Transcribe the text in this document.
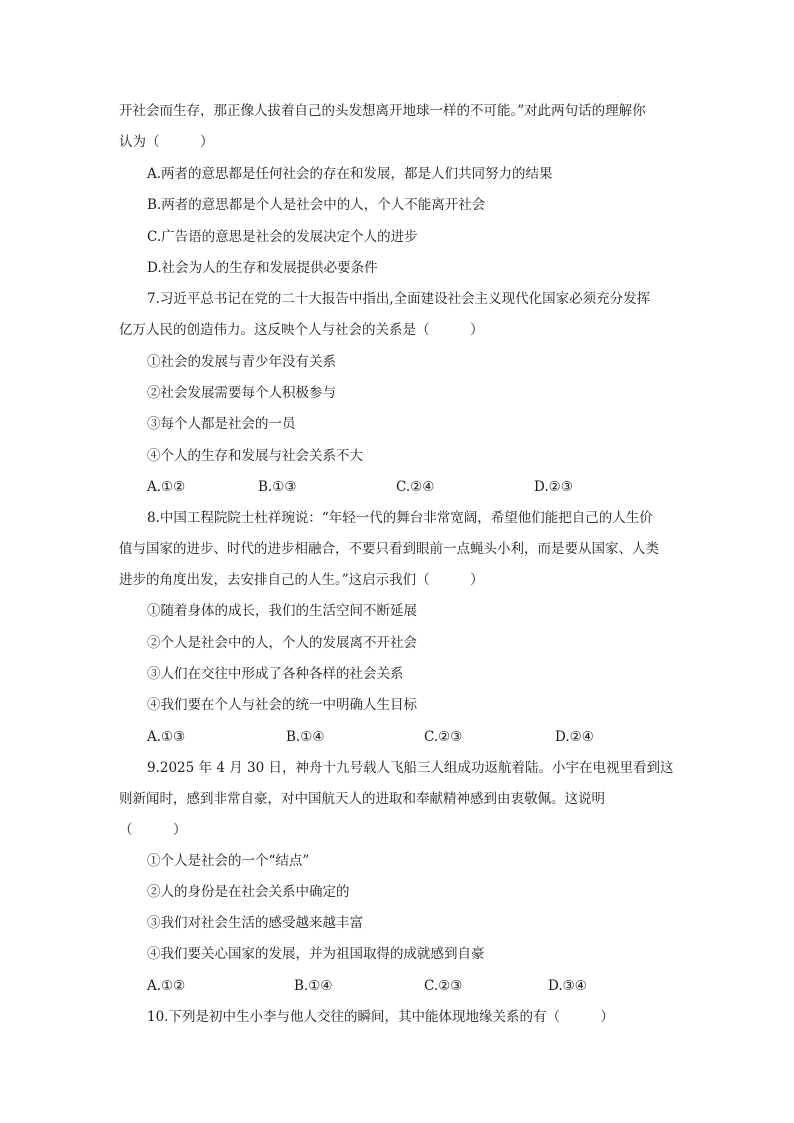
开社会而生存，那正像人拔着自己的头发想离开地球一样的不可能。”对此两句话的理解你
认为（　　　）
A.两者的意思都是任何社会的存在和发展，都是人们共同努力的结果
B.两者的意思都是个人是社会中的人，个人不能离开社会
C.广告语的意思是社会的发展决定个人的进步
D.社会为人的生存和发展提供必要条件
7.习近平总书记在党的二十大报告中指出,全面建设社会主义现代化国家必须充分发挥
亿万人民的创造伟力。这反映个人与社会的关系是（　　　）
①社会的发展与青少年没有关系
②社会发展需要每个人积极参与
③每个人都是社会的一员
④个人的生存和发展与社会关系不大
A.①②	B.①③	C.②④	D.②③
8.中国工程院院士杜祥琬说：“年轻一代的舞台非常宽阔，希望他们能把自己的人生价
值与国家的进步、时代的进步相融合，不要只看到眼前一点蝇头小利，而是要从国家、人类
进步的角度出发，去安排自己的人生。”这启示我们（　　　）
①随着身体的成长，我们的生活空间不断延展
②个人是社会中的人，个人的发展离不开社会
③人们在交往中形成了各种各样的社会关系
④我们要在个人与社会的统一中明确人生目标
A.①③	B.①④	C.②③	D.②④
9.2025 年 4 月 30 日，神舟十九号载人飞船三人组成功返航着陆。小宇在电视里看到这
则新闻时，感到非常自豪，对中国航天人的进取和奉献精神感到由衷敬佩。这说明
（　　　）
①个人是社会的一个“结点”
②人的身份是在社会关系中确定的
③我们对社会生活的感受越来越丰富
④我们要关心国家的发展，并为祖国取得的成就感到自豪
A.①②	B.①④	C.②③	D.③④
10.下列是初中生小李与他人交往的瞬间，其中能体现地缘关系的有（　　　）
